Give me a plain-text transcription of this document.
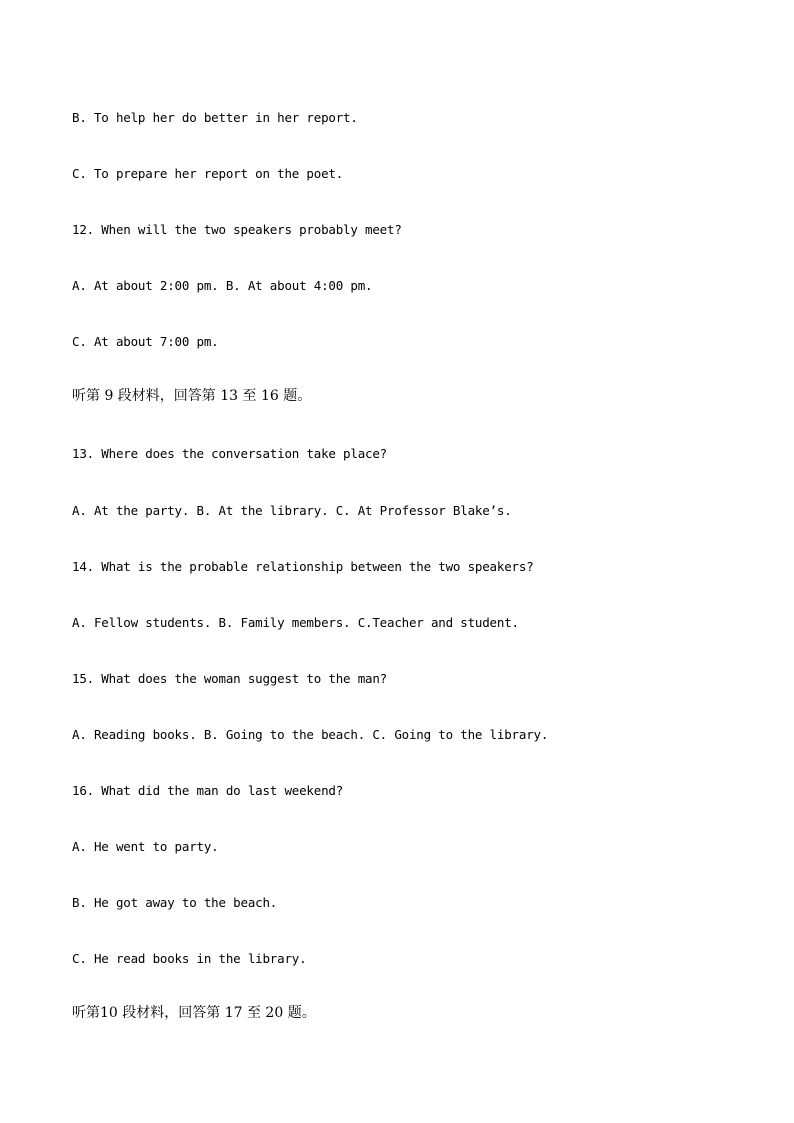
B. To help her do better in her report.

C. To prepare her report on the poet.

12. When will the two speakers probably meet?

A. At about 2:00 pm. B. At about 4:00 pm.

C. At about 7:00 pm.

听第 9 段材料，回答第 13 至 16 题。

13. Where does the conversation take place?

A. At the party. B. At the library. C. At Professor Blake’s.

14. What is the probable relationship between the two speakers?

A. Fellow students. B. Family members. C.Teacher and student.

15. What does the woman suggest to the man?

A. Reading books. B. Going to the beach. C. Going to the library.

16. What did the man do last weekend?

A. He went to party.

B. He got away to the beach.

C. He read books in the library.

听第10 段材料，回答第 17 至 20 题。
